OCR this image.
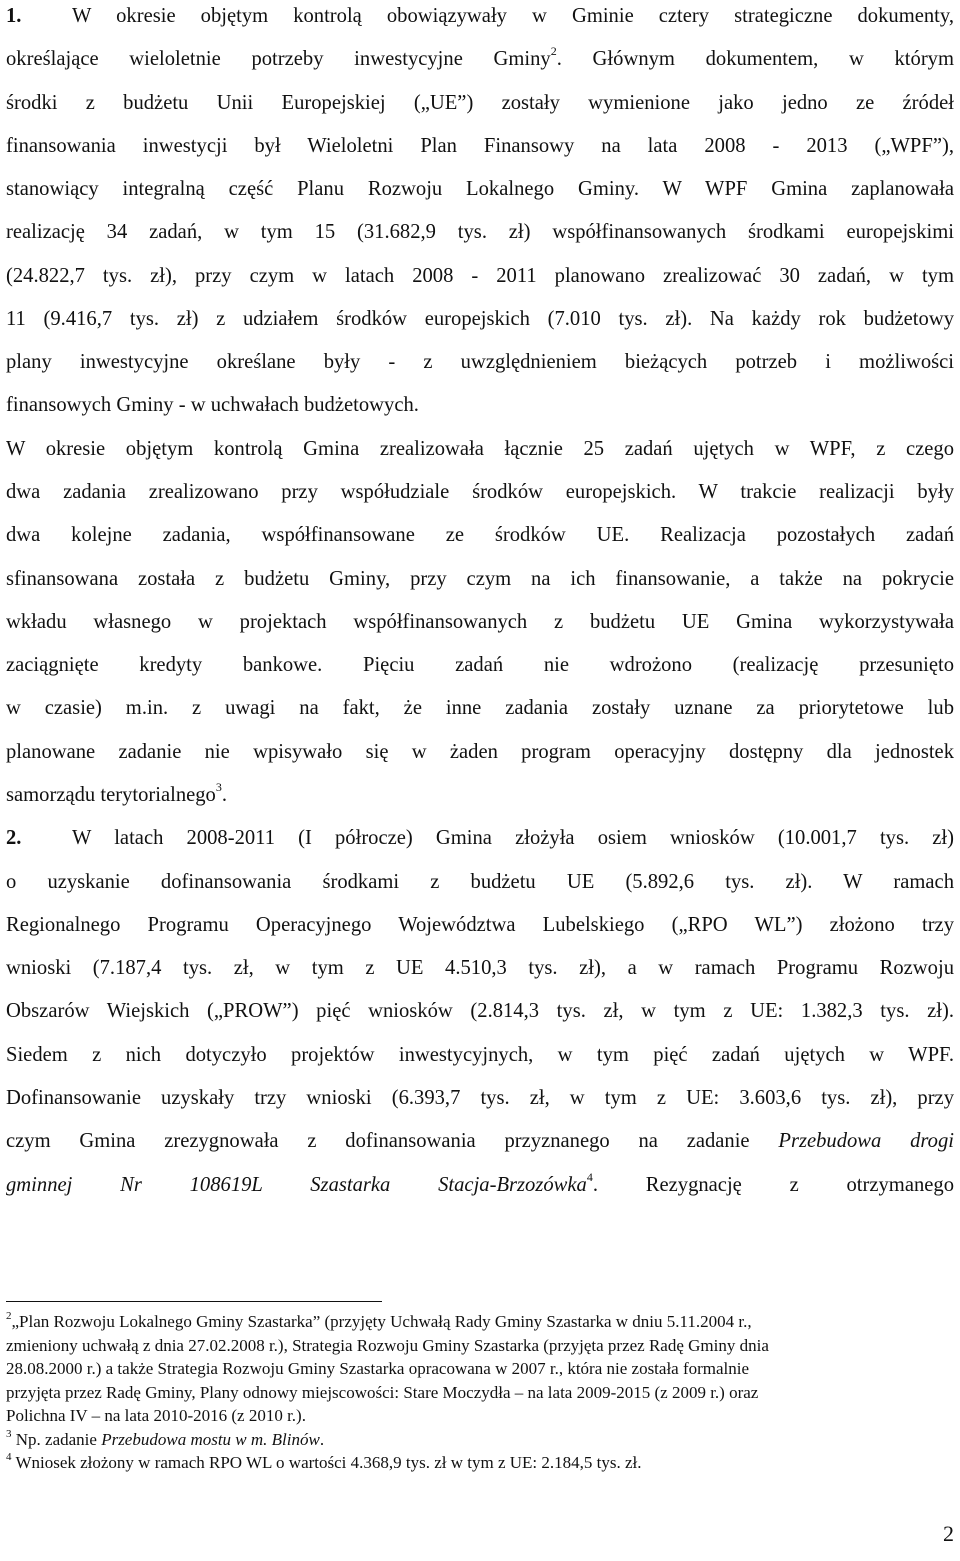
1. W okresie objętym kontrolą obowiązywały w Gminie cztery strategiczne dokumenty,
określające wieloletnie potrzeby inwestycyjne Gminy$^2$. Głównym dokumentem, w którym
środki z budżetu Unii Europejskiej („UE”) zostały wymienione jako jedno ze źródeł
finansowania inwestycji był Wieloletni Plan Finansowy na lata 2008 - 2013 („WPF”),
stanowiący integralną część Planu Rozwoju Lokalnego Gminy. W WPF Gmina zaplanowała
realizację 34 zadań, w tym 15 (31.682,9 tys. zł) współfinansowanych środkami europejskimi
(24.822,7 tys. zł), przy czym w latach 2008 - 2011 planowano zrealizować 30 zadań, w tym
11 (9.416,7 tys. zł) z udziałem środków europejskich (7.010 tys. zł). Na każdy rok budżetowy
plany inwestycyjne określane były - z uwzględnieniem bieżących potrzeb i możliwości
finansowych Gminy - w uchwałach budżetowych.
W okresie objętym kontrolą Gmina zrealizowała łącznie 25 zadań ujętych w WPF, z czego
dwa zadania zrealizowano przy współudziale środków europejskich. W trakcie realizacji były
dwa kolejne zadania, współfinansowane ze środków UE. Realizacja pozostałych zadań
sfinansowana została z budżetu Gminy, przy czym na ich finansowanie, a także na pokrycie
wkładu własnego w projektach współfinansowanych z budżetu UE Gmina wykorzystywała
zaciągnięte kredyty bankowe. Pięciu zadań nie wdrożono (realizację przesunięto
w czasie) m.in. z uwagi na fakt, że inne zadania zostały uznane za priorytetowe lub
planowane zadanie nie wpisywało się w żaden program operacyjny dostępny dla jednostek
samorządu terytorialnego$^3$.
2. W latach 2008-2011 (I półrocze) Gmina złożyła osiem wniosków (10.001,7 tys. zł)
o uzyskanie dofinansowania środkami z budżetu UE (5.892,6 tys. zł). W ramach
Regionalnego Programu Operacyjnego Województwa Lubelskiego („RPO WL”) złożono trzy
wnioski (7.187,4 tys. zł, w tym z UE 4.510,3 tys. zł), a w ramach Programu Rozwoju
Obszarów Wiejskich („PROW”) pięć wniosków (2.814,3 tys. zł, w tym z UE: 1.382,3 tys. zł).
Siedem z nich dotyczyło projektów inwestycyjnych, w tym pięć zadań ujętych w WPF.
Dofinansowanie uzyskały trzy wnioski (6.393,7 tys. zł, w tym z UE: 3.603,6 tys. zł), przy
czym Gmina zrezygnowała z dofinansowania przyznanego na zadanie Przebudowa drogi
gminnej Nr 108619L Szastarka Stacja-Brzozówka$^4$. Rezygnację z otrzymanego
$^2$„Plan Rozwoju Lokalnego Gminy Szastarka” (przyjęty Uchwałą Rady Gminy Szastarka w dniu 5.11.2004 r.,
zmieniony uchwałą z dnia 27.02.2008 r.), Strategia Rozwoju Gminy Szastarka (przyjęta przez Radę Gminy dnia
28.08.2000 r.) a także Strategia Rozwoju Gminy Szastarka opracowana w 2007 r., która nie została formalnie
przyjęta przez Radę Gminy, Plany odnowy miejscowości: Stare Moczydła – na lata 2009-2015 (z 2009 r.) oraz
Polichna IV – na lata 2010-2016 (z 2010 r.).
$^3$ Np. zadanie Przebudowa mostu w m. Blinów.
$^4$ Wniosek złożony w ramach RPO WL o wartości 4.368,9 tys. zł w tym z UE: 2.184,5 tys. zł.
2
